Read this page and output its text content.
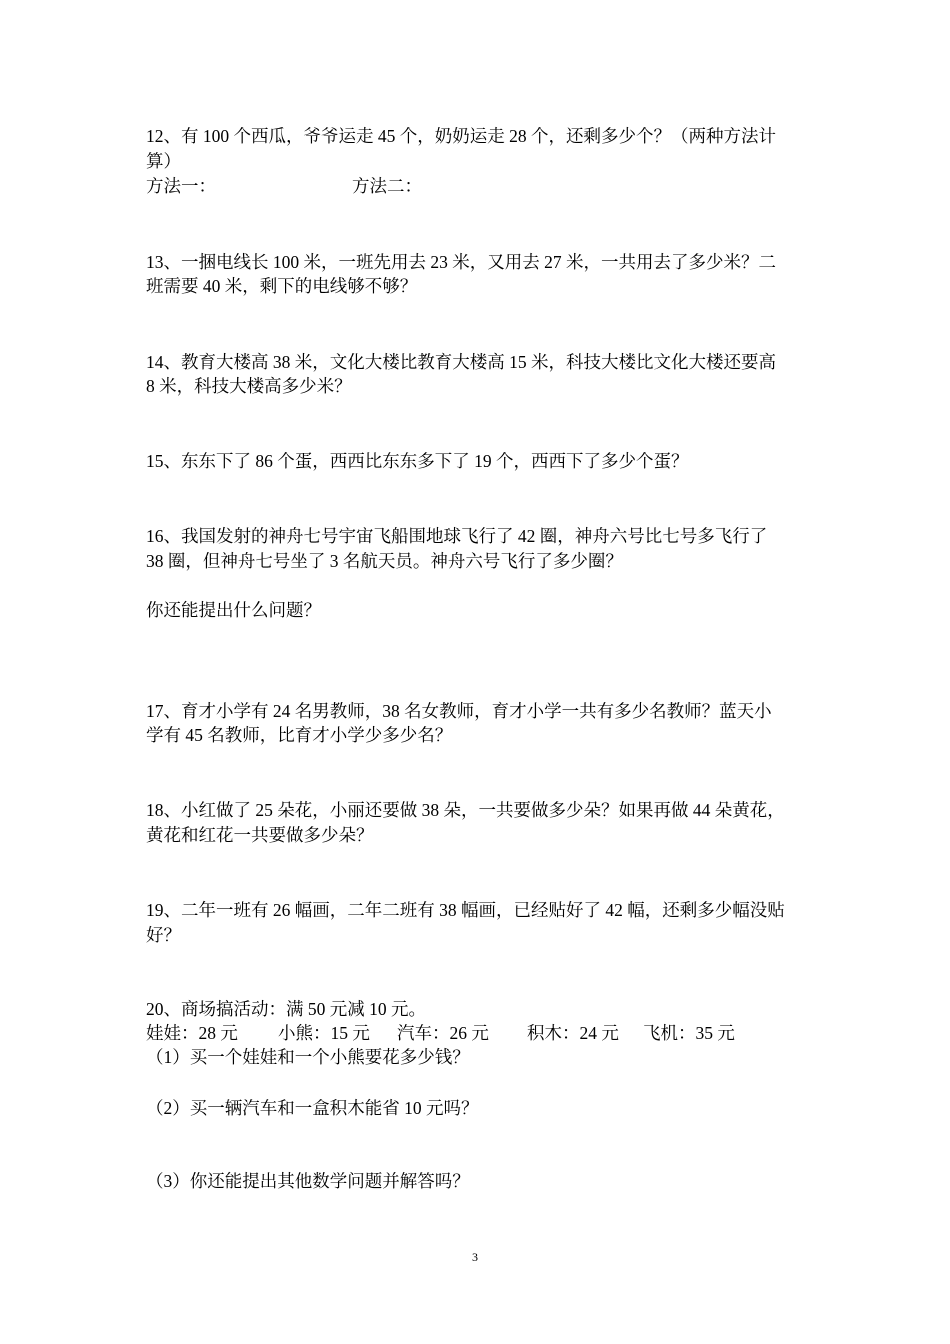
12、有 100 个西瓜，爷爷运走 45 个，奶奶运走 28 个，还剩多少个？（两种方法计
算）
方法一：	方法二：
13、一捆电线长 100 米，一班先用去 23 米，又用去 27 米，一共用去了多少米？二
班需要 40 米，剩下的电线够不够？
14、教育大楼高 38 米，文化大楼比教育大楼高 15 米，科技大楼比文化大楼还要高
8 米，科技大楼高多少米？
15、东东下了 86 个蛋，西西比东东多下了 19 个，西西下了多少个蛋？
16、我国发射的神舟七号宇宙飞船围地球飞行了 42 圈，神舟六号比七号多飞行了
38 圈，但神舟七号坐了 3 名航天员。神舟六号飞行了多少圈？
你还能提出什么问题？
17、育才小学有 24 名男教师，38 名女教师，育才小学一共有多少名教师？蓝天小
学有 45 名教师，比育才小学少多少名？
18、小红做了 25 朵花，小丽还要做 38 朵，一共要做多少朵？如果再做 44 朵黄花，
黄花和红花一共要做多少朵？
19、二年一班有 26 幅画，二年二班有 38 幅画，已经贴好了 42 幅，还剩多少幅没贴
好？
20、商场搞活动：满 50 元减 10 元。
娃娃：28 元 小熊：15 元 汽车：26 元 积木：24 元 飞机：35 元
（1）买一个娃娃和一个小熊要花多少钱？
（2）买一辆汽车和一盒积木能省 10 元吗？
（3）你还能提出其他数学问题并解答吗？
3
